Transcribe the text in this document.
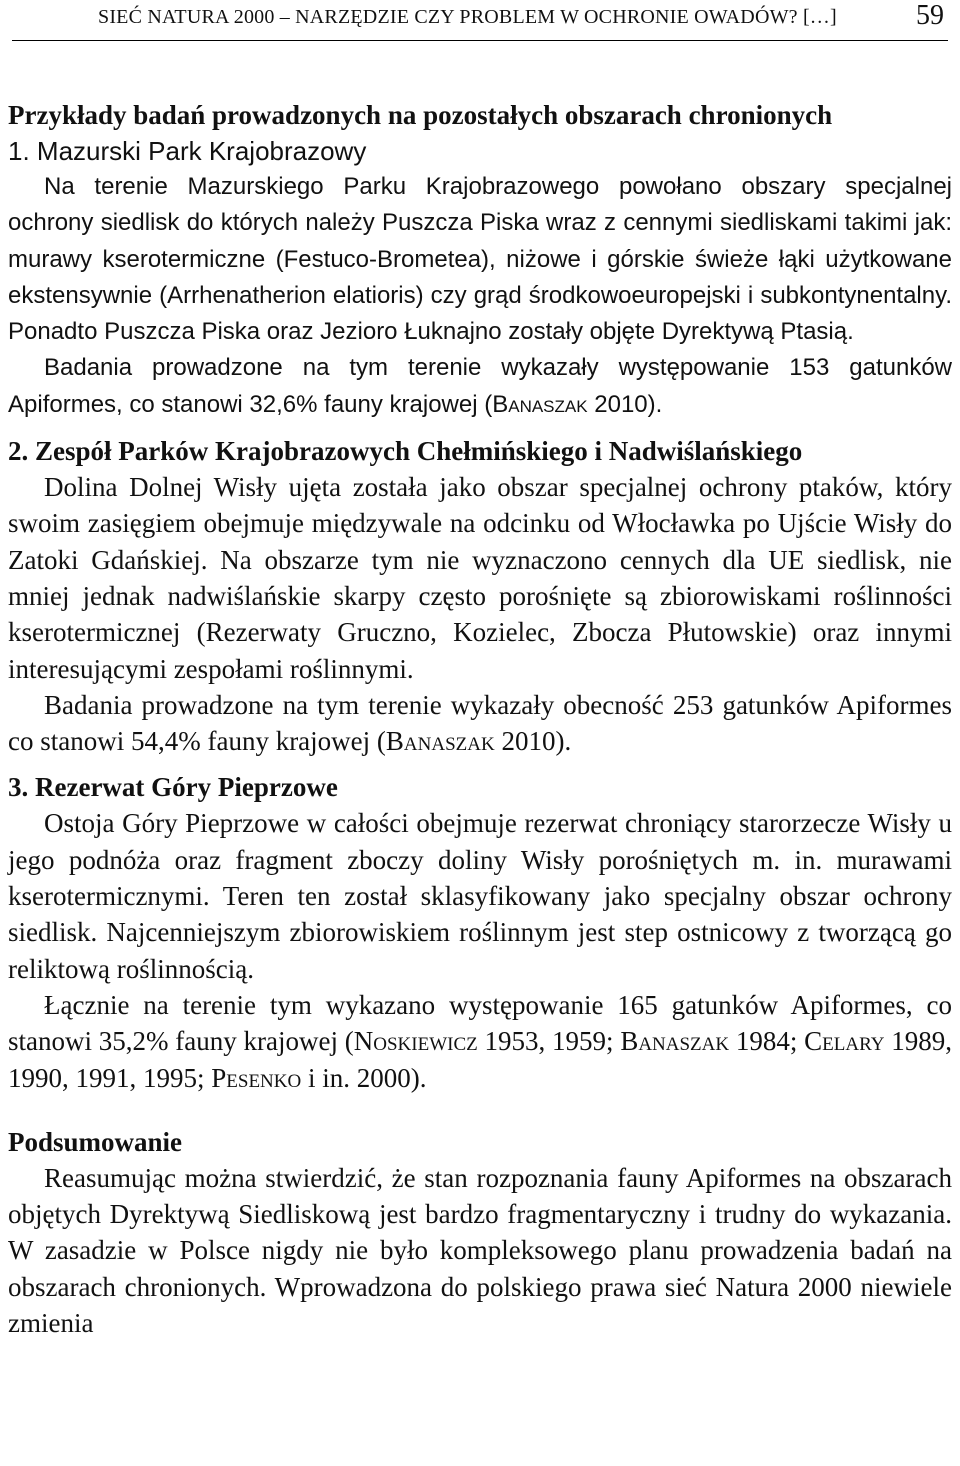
SIEĆ NATURA 2000 – NARZĘDZIE CZY PROBLEM W OCHRONIE OWADÓW? […]	59
Przykłady badań prowadzonych na pozostałych obszarach chronionych
1. Mazurski Park Krajobrazowy

Na terenie Mazurskiego Parku Krajobrazowego powołano obszary specjalnej ochrony siedlisk do których należy Puszcza Piska wraz z cennymi siedliskami takimi jak: murawy kserotermiczne (Festuco-Brometea), niżowe i górskie świeże łąki użytkowane ekstensywnie (Arrhenatherion elatioris) czy grąd środkowoeuropejski i subkontynentalny. Ponadto Puszcza Piska oraz Jezioro Łuknajno zostały objęte Dyrektywą Ptasią.

Badania prowadzone na tym terenie wykazały występowanie 153 gatunków Apiformes, co stanowi 32,6% fauny krajowej (Banaszak 2010).

2. Zespół Parków Krajobrazowych Chełmińskiego i Nadwiślańskiego

Dolina Dolnej Wisły ujęta została jako obszar specjalnej ochrony ptaków, który swoim zasięgiem obejmuje międzywale na odcinku od Włocławka po Ujście Wisły do Zatoki Gdańskiej. Na obszarze tym nie wyznaczono cennych dla UE siedlisk, nie mniej jednak nadwiślańskie skarpy często porośnięte są zbiorowiskami roślinności kserotermicznej (Rezerwaty Gruczno, Kozielec, Zbocza Płutowskie) oraz innymi interesującymi zespołami roślinnymi.

Badania prowadzone na tym terenie wykazały obecność 253 gatunków Apiformes co stanowi 54,4% fauny krajowej (Banaszak 2010).

3. Rezerwat Góry Pieprzowe

Ostoja Góry Pieprzowe w całości obejmuje rezerwat chroniący starorzecze Wisły u jego podnóża oraz fragment zboczy doliny Wisły porośniętych m. in. murawami kserotermicznymi. Teren ten został sklasyfikowany jako specjalny obszar ochrony siedlisk. Najcenniejszym zbiorowiskiem roślinnym jest step ostnicowy z tworzącą go reliktową roślinnością.

Łącznie na terenie tym wykazano występowanie 165 gatunków Apiformes, co stanowi 35,2% fauny krajowej (Noskiewicz 1953, 1959; Banaszak 1984; Celary 1989, 1990, 1991, 1995; Pesenko i in. 2000).

Podsumowanie

Reasumując można stwierdzić, że stan rozpoznania fauny Apiformes na obszarach objętych Dyrektywą Siedliskową jest bardzo fragmentaryczny i trudny do wykazania. W zasadzie w Polsce nigdy nie było kompleksowego planu prowadzenia badań na obszarach chronionych. Wprowadzona do polskiego prawa sieć Natura 2000 niewiele zmienia
